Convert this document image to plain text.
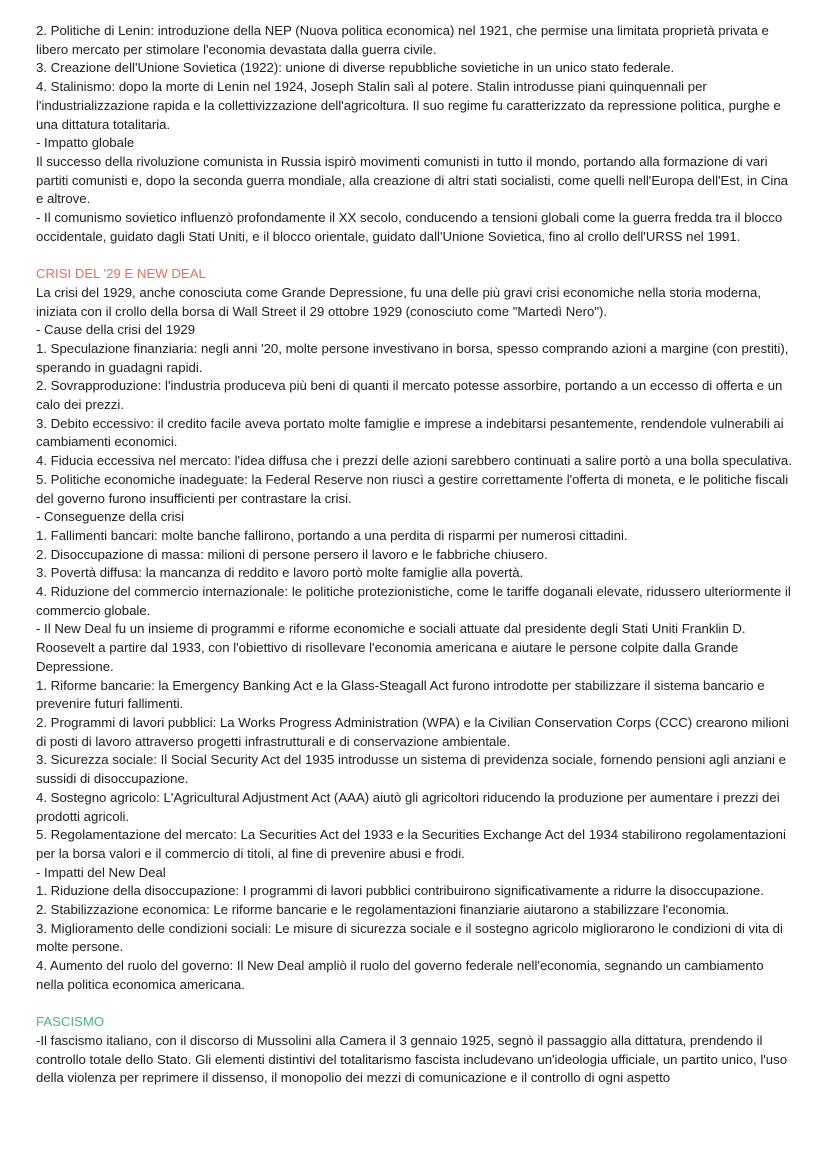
2. Politiche di Lenin: introduzione della NEP (Nuova politica economica) nel 1921, che permise una limitata proprietà privata e libero mercato per stimolare l'economia devastata dalla guerra civile.

3. Creazione dell'Unione Sovietica (1922): unione di diverse repubbliche sovietiche in un unico stato federale.

4. Stalinismo: dopo la morte di Lenin nel 1924, Joseph Stalin salì al potere. Stalin introdusse piani quinquennali per l'industrializzazione rapida e la collettivizzazione dell'agricoltura. Il suo regime fu caratterizzato da repressione politica, purghe e una dittatura totalitaria.

- Impatto globale

Il successo della rivoluzione comunista in Russia ispirò movimenti comunisti in tutto il mondo, portando alla formazione di vari partiti comunisti e, dopo la seconda guerra mondiale, alla creazione di altri stati socialisti, come quelli nell'Europa dell'Est, in Cina e altrove.

- Il comunismo sovietico influenzò profondamente il XX secolo, conducendo a tensioni globali come la guerra fredda tra il blocco occidentale, guidato dagli Stati Uniti, e il blocco orientale, guidato dall'Unione Sovietica, fino al crollo dell'URSS nel 1991.

CRISI DEL '29 E NEW DEAL

La crisi del 1929, anche conosciuta come Grande Depressione, fu una delle più gravi crisi economiche nella storia moderna, iniziata con il crollo della borsa di Wall Street il 29 ottobre 1929 (conosciuto come "Martedì Nero").

- Cause della crisi del 1929

1. Speculazione finanziaria: negli anni '20, molte persone investivano in borsa, spesso comprando azioni a margine (con prestiti), sperando in guadagni rapidi.

2. Sovrapproduzione: l'industria produceva più beni di quanti il mercato potesse assorbire, portando a un eccesso di offerta e un calo dei prezzi.

3. Debito eccessivo: il credito facile aveva portato molte famiglie e imprese a indebitarsi pesantemente, rendendole vulnerabili ai cambiamenti economici.

4. Fiducia eccessiva nel mercato: l'idea diffusa che i prezzi delle azioni sarebbero continuati a salire portò a una bolla speculativa.

5. Politiche economiche inadeguate: la Federal Reserve non riuscì a gestire correttamente l'offerta di moneta, e le politiche fiscali del governo furono insufficienti per contrastare la crisi.

- Conseguenze della crisi

1. Fallimenti bancari: molte banche fallirono, portando a una perdita di risparmi per numerosi cittadini.

2. Disoccupazione di massa: milioni di persone persero il lavoro e le fabbriche chiusero.

3. Povertà diffusa: la mancanza di reddito e lavoro portò molte famiglie alla povertà.

4. Riduzione del commercio internazionale: le politiche protezionistiche, come le tariffe doganali elevate, ridussero ulteriormente il commercio globale.

- Il New Deal fu un insieme di programmi e riforme economiche e sociali attuate dal presidente degli Stati Uniti Franklin D. Roosevelt a partire dal 1933, con l'obiettivo di risollevare l'economia americana e aiutare le persone colpite dalla Grande Depressione.

1. Riforme bancarie: la Emergency Banking Act e la Glass-Steagall Act furono introdotte per stabilizzare il sistema bancario e prevenire futuri fallimenti.

2. Programmi di lavori pubblici: La Works Progress Administration (WPA) e la Civilian Conservation Corps (CCC) crearono milioni di posti di lavoro attraverso progetti infrastrutturali e di conservazione ambientale.

3. Sicurezza sociale: Il Social Security Act del 1935 introdusse un sistema di previdenza sociale, fornendo pensioni agli anziani e sussidi di disoccupazione.

4. Sostegno agricolo: L'Agricultural Adjustment Act (AAA) aiutò gli agricoltori riducendo la produzione per aumentare i prezzi dei prodotti agricoli.

5. Regolamentazione del mercato: La Securities Act del 1933 e la Securities Exchange Act del 1934 stabilirono regolamentazioni per la borsa valori e il commercio di titoli, al fine di prevenire abusi e frodi.

- Impatti del New Deal

1. Riduzione della disoccupazione: I programmi di lavori pubblici contribuirono significativamente a ridurre la disoccupazione.

2. Stabilizzazione economica: Le riforme bancarie e le regolamentazioni finanziarie aiutarono a stabilizzare l'economia.

3. Miglioramento delle condizioni sociali: Le misure di sicurezza sociale e il sostegno agricolo migliorarono le condizioni di vita di molte persone.

4. Aumento del ruolo del governo: Il New Deal ampliò il ruolo del governo federale nell'economia, segnando un cambiamento nella politica economica americana.

FASCISMO

-Il fascismo italiano, con il discorso di Mussolini alla Camera il 3 gennaio 1925, segnò il passaggio alla dittatura, prendendo il controllo totale dello Stato. Gli elementi distintivi del totalitarismo fascista includevano un'ideologia ufficiale, un partito unico, l'uso della violenza per reprimere il dissenso, il monopolio dei mezzi di comunicazione e il controllo di ogni aspetto
